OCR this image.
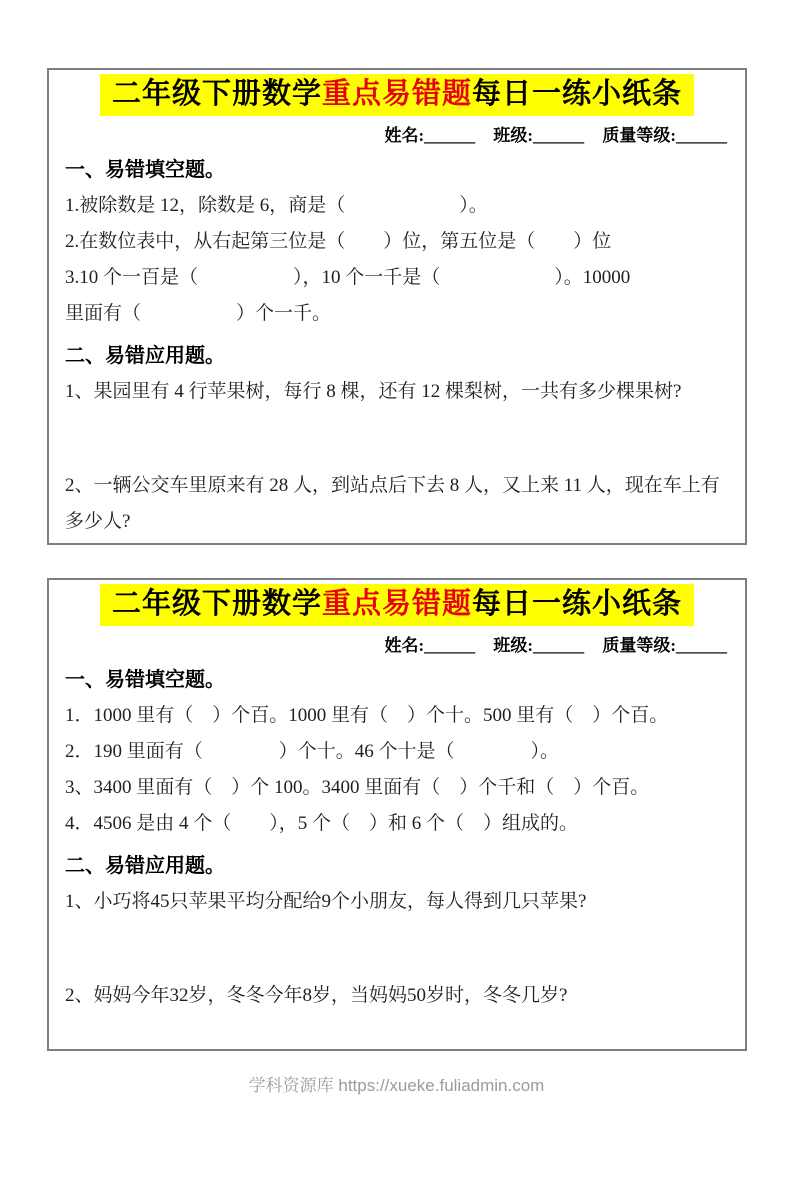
二年级下册数学重点易错题每日一练小纸条
姓名:______ 班级:______ 质量等级:______
一、易错填空题。

1.被除数是 12，除数是 6，商是（　　　　　　）。

2.在数位表中，从右起第三位是（　　）位，第五位是（　　）位

3.10 个一百是（　　　　　），10 个一千是（　　　　　　）。10000

里面有（　　　　　）个一千。

二、易错应用题。

1、果园里有 4 行苹果树，每行 8 棵，还有 12 棵梨树，一共有多少棵果树?

2、一辆公交车里原来有 28 人，到站点后下去 8 人，又上来 11 人，现在车上有多少人?

二年级下册数学重点易错题每日一练小纸条
姓名:______ 班级:______ 质量等级:______
一、易错填空题。

1．1000 里有（　）个百。1000 里有（　）个十。500 里有（　）个百。

2．190 里面有（　　　　）个十。46 个十是（　　　　）。

3、3400 里面有（　）个 100。3400 里面有（　）个千和（　）个百。

4．4506 是由 4 个（　　），5 个（　）和 6 个（　）组成的。

二、易错应用题。

1、小巧将45只苹果平均分配给9个小朋友，每人得到几只苹果?

2、妈妈今年32岁，冬冬今年8岁，当妈妈50岁时，冬冬几岁?

学科资源库 https://xueke.fuliadmin.com
